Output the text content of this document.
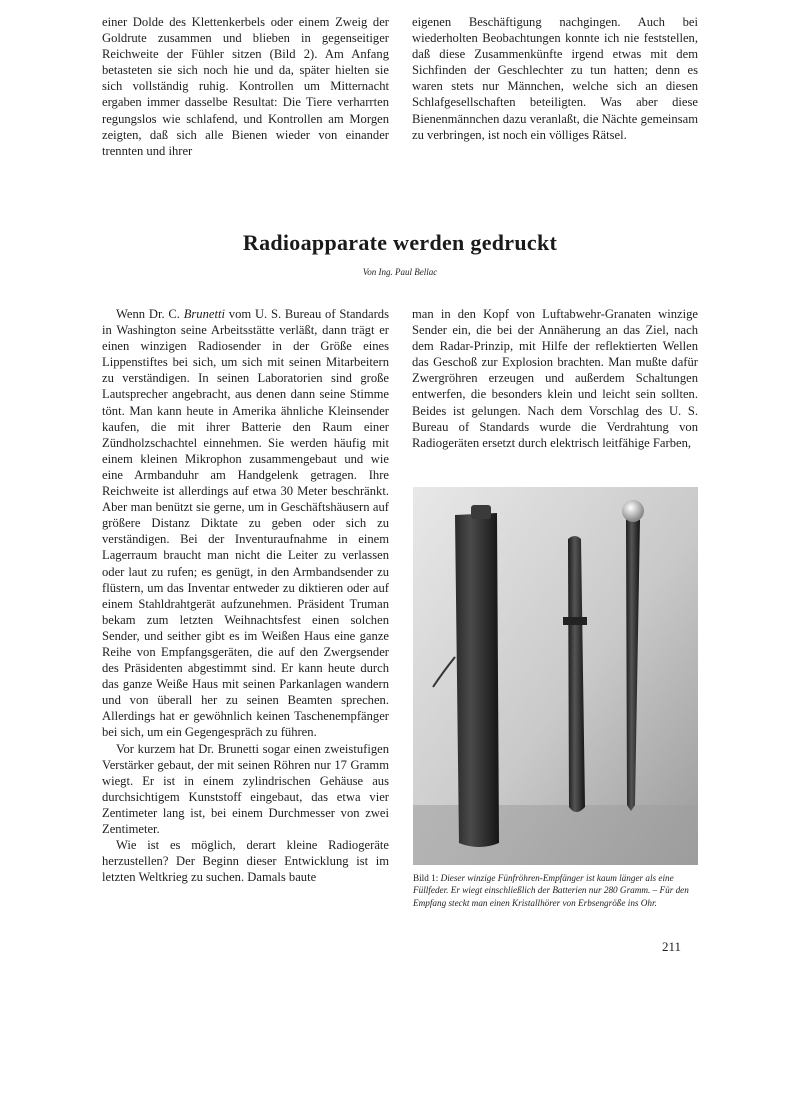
einer Dolde des Klettenkerbels oder einem Zweig der Goldrute zusammen und blieben in gegenseitiger Reichweite der Fühler sitzen (Bild 2). Am Anfang betasteten sie sich noch hie und da, später hielten sie sich vollständig ruhig. Kontrollen um Mitternacht ergaben immer dasselbe Resultat: Die Tiere verharrten regungslos wie schlafend, und Kontrollen am Morgen zeigten, daß sich alle Bienen wieder von einander trennten und ihrer

eigenen Beschäftigung nachgingen. Auch bei wiederholten Beobachtungen konnte ich nie feststellen, daß diese Zusammenkünfte irgend etwas mit dem Sichfinden der Geschlechter zu tun hatten; denn es waren stets nur Männchen, welche sich an diesen Schlafgesellschaften beteiligten. Was aber diese Bienenmännchen dazu veranlaßt, die Nächte gemeinsam zu verbringen, ist noch ein völliges Rätsel.

Radioapparate werden gedruckt
Von Ing. Paul Bellac

Wenn Dr. C. Brunetti vom U. S. Bureau of Standards in Washington seine Arbeitsstätte verläßt, dann trägt er einen winzigen Radiosender in der Größe eines Lippenstiftes bei sich, um sich mit seinen Mitarbeitern zu verständigen. In seinen Laboratorien sind große Lautsprecher angebracht, aus denen dann seine Stimme tönt. Man kann heute in Amerika ähnliche Kleinsender kaufen, die mit ihrer Batterie den Raum einer Zündholzschachtel einnehmen. Sie werden häufig mit einem kleinen Mikrophon zusammengebaut und wie eine Armbanduhr am Handgelenk getragen. Ihre Reichweite ist allerdings auf etwa 30 Meter beschränkt. Aber man benützt sie gerne, um in Geschäftshäusern auf größere Distanz Diktate zu geben oder sich zu verständigen. Bei der Inventuraufnahme in einem Lagerraum braucht man nicht die Leiter zu verlassen oder laut zu rufen; es genügt, in den Armbandsender zu flüstern, um das Inventar entweder zu diktieren oder auf einem Stahldrahtgerät aufzunehmen. Präsident Truman bekam zum letzten Weihnachtsfest einen solchen Sender, und seither gibt es im Weißen Haus eine ganze Reihe von Empfangsgeräten, die auf den Zwergsender des Präsidenten abgestimmt sind. Er kann heute durch das ganze Weiße Haus mit seinen Parkanlagen wandern und von überall her zu seinen Beamten sprechen. Allerdings hat er gewöhnlich keinen Taschenempfänger bei sich, um ein Gegengespräch zu führen.

Vor kurzem hat Dr. Brunetti sogar einen zweistufigen Verstärker gebaut, der mit seinen Röhren nur 17 Gramm wiegt. Er ist in einem zylindrischen Gehäuse aus durchsichtigem Kunststoff eingebaut, das etwa vier Zentimeter lang ist, bei einem Durchmesser von zwei Zentimeter.

Wie ist es möglich, derart kleine Radiogeräte herzustellen? Der Beginn dieser Entwicklung ist im letzten Weltkrieg zu suchen. Damals baute

man in den Kopf von Luftabwehr-Granaten winzige Sender ein, die bei der Annäherung an das Ziel, nach dem Radar-Prinzip, mit Hilfe der reflektierten Wellen das Geschoß zur Explosion brachten. Man mußte dafür Zwergröhren erzeugen und außerdem Schaltungen entwerfen, die besonders klein und leicht sein sollten. Beides ist gelungen. Nach dem Vorschlag des U. S. Bureau of Standards wurde die Verdrahtung von Radiogeräten ersetzt durch elektrisch leitfähige Farben,

Bild 1: Dieser winzige Fünfröhren-Empfänger ist kaum länger als eine Füllfeder. Er wiegt einschließlich der Batterien nur 280 Gramm. – Für den Empfang steckt man einen Kristallhörer von Erbsengröße ins Ohr.
211
